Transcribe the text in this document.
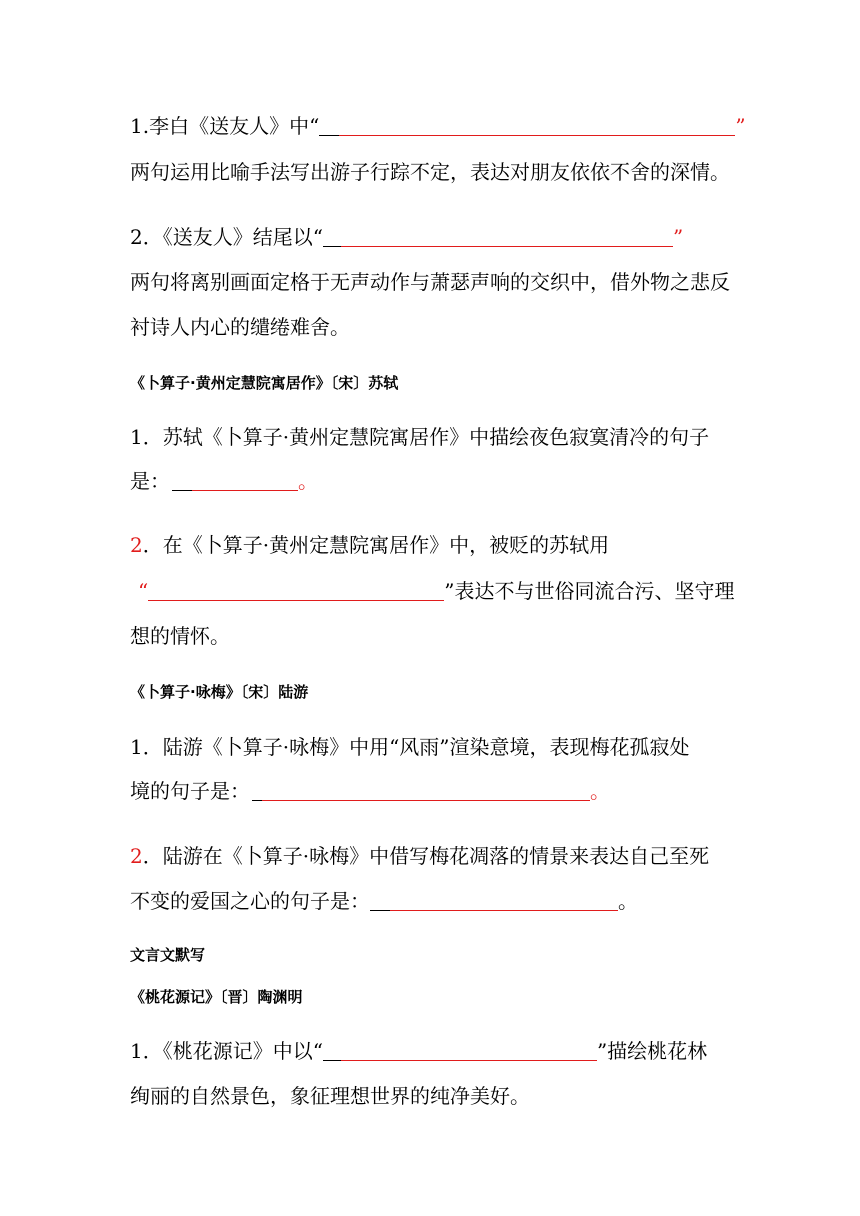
1.李白《送友人》中“	”
两句运用比喻手法写出游子行踪不定，表达对朋友依依不舍的深情。
2．《送友人》结尾以“	”
两句将离别画面定格于无声动作与萧瑟声响的交织中，借外物之悲反
衬诗人内心的缱绻难舍。
《卜算子·黄州定慧院寓居作》〔宋〕苏轼
1．苏轼《卜算子·黄州定慧院寓居作》中描绘夜色寂寞清冷的句子
是：	。
2．在《卜算子·黄州定慧院寓居作》中，被贬的苏轼用
“	”表达不与世俗同流合污、坚守理
想的情怀。
《卜算子·咏梅》〔宋〕陆游
1．陆游《卜算子·咏梅》中用“风雨”渲染意境，表现梅花孤寂处
境的句子是：	。
2．陆游在《卜算子·咏梅》中借写梅花凋落的情景来表达自己至死
不变的爱国之心的句子是：	。
文言文默写
《桃花源记》〔晋〕陶渊明
1．《桃花源记》中以“	”描绘桃花林
绚丽的自然景色，象征理想世界的纯净美好。
